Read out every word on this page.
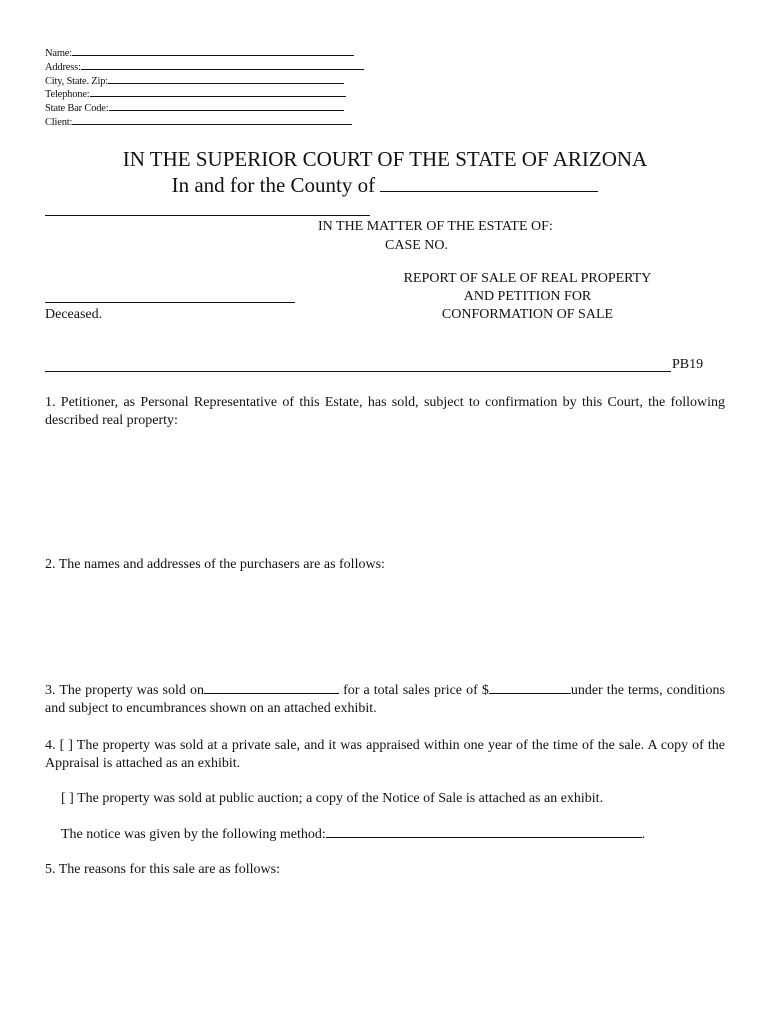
Name:
Address:
City, State. Zip:
Telephone:
State Bar Code:
Client:
IN THE SUPERIOR COURT OF THE STATE OF ARIZONA
In and for the County of
IN THE MATTER OF THE ESTATE OF:
CASE NO.
REPORT OF SALE OF REAL PROPERTY
AND PETITION FOR
CONFORMATION OF SALE
Deceased.
PB19
1. Petitioner, as Personal Representative of this Estate, has sold, subject to confirmation by this Court, the following described real property:
2. The names and addresses of the purchasers are as follows:
3. The property was sold on	for a total sales price of $	under the terms, conditions and subject to encumbrances shown on an attached exhibit.
4. [ ] The property was sold at a private sale, and it was appraised within one year of the time of the sale. A copy of the Appraisal is attached as an exhibit.
[ ] The property was sold at public auction; a copy of the Notice of Sale is attached as an exhibit.
The notice was given by the following method:	.
5. The reasons for this sale are as follows:
